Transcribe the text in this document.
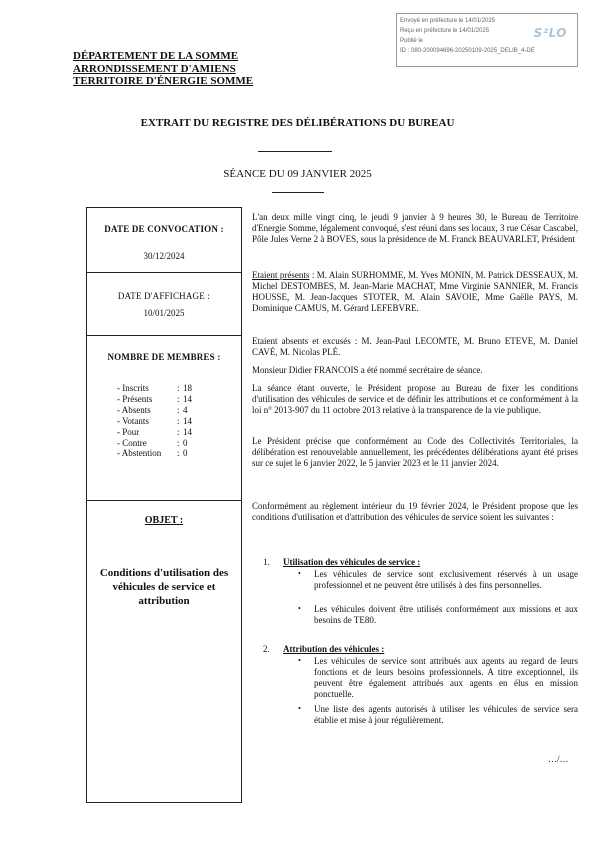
Envoyé en préfecture le 14/01/2025
Reçu en préfecture le 14/01/2025
Publié le
ID : 080-200094696-20250109-2025_DELIB_4-DE
S²LO
DÉPARTEMENT DE LA SOMME
ARRONDISSEMENT D'AMIENS
TERRITOIRE D'ÉNERGIE SOMME
EXTRAIT DU REGISTRE DES DÉLIBÉRATIONS DU BUREAU
SÉANCE DU 09 JANVIER 2025
DATE DE CONVOCATION :
30/12/2024
DATE D'AFFICHAGE :
10/01/2025
NOMBRE DE MEMBRES :
- Inscrits	: 18
- Présents	: 14
- Absents	: 4
- Votants	: 14
- Pour	: 14
- Contre	: 0
- Abstention	: 0
OBJET :
Conditions d'utilisation des véhicules de service et attribution

L'an deux mille vingt cinq, le jeudi 9 janvier à 9 heures 30, le Bureau de Territoire d'Energie Somme, légalement convoqué, s'est réuni dans ses locaux, 3 rue César Cascabel, Pôle Jules Verne 2 à BOVES, sous la présidence de M. Franck BEAUVARLET, Président

Etaient présents : M. Alain SURHOMME, M. Yves MONIN, M. Patrick DESSEAUX, M. Michel DESTOMBES, M. Jean-Marie MACHAT, Mme Virginie SANNIER, M. Francis HOUSSE, M. Jean-Jacques STOTER, M. Alain SAVOIE, Mme Gaëlle PAYS, M. Dominique CAMUS, M. Gérard LEFEBVRE.

Etaient absents et excusés : M. Jean-Paul LECOMTE, M. Bruno ETEVE, M. Daniel CAVÉ, M. Nicolas PLÉ.

Monsieur Didier FRANCOIS a été nommé secrétaire de séance.

La séance étant ouverte, le Président propose au Bureau de fixer les conditions d'utilisation des véhicules de service et de définir les attributions et ce conformément à la loi n° 2013-907 du 11 octobre 2013 relative à la transparence de la vie publique.

Le Président précise que conformément au Code des Collectivités Territoriales, la délibération est renouvelable annuellement, les précédentes délibérations ayant été prises sur ce sujet le 6 janvier 2022, le 5 janvier 2023 et le 11 janvier 2024.

Conformément au règlement intérieur du 19 février 2024, le Président propose que les conditions d'utilisation et d'attribution des véhicules de service soient les suivantes :

1. Utilisation des véhicules de service :
• Les véhicules de service sont exclusivement réservés à un usage professionnel et ne peuvent être utilisés à des fins personnelles.
• Les véhicules doivent être utilisés conformément aux missions et aux besoins de TE80.
2. Attribution des véhicules :
• Les véhicules de service sont attribués aux agents au regard de leurs fonctions et de leurs besoins professionnels. A titre exceptionnel, ils peuvent être également attribués aux agents en élus en mission ponctuelle.
• Une liste des agents autorisés à utiliser les véhicules de service sera établie et mise à jour régulièrement.
…/…
